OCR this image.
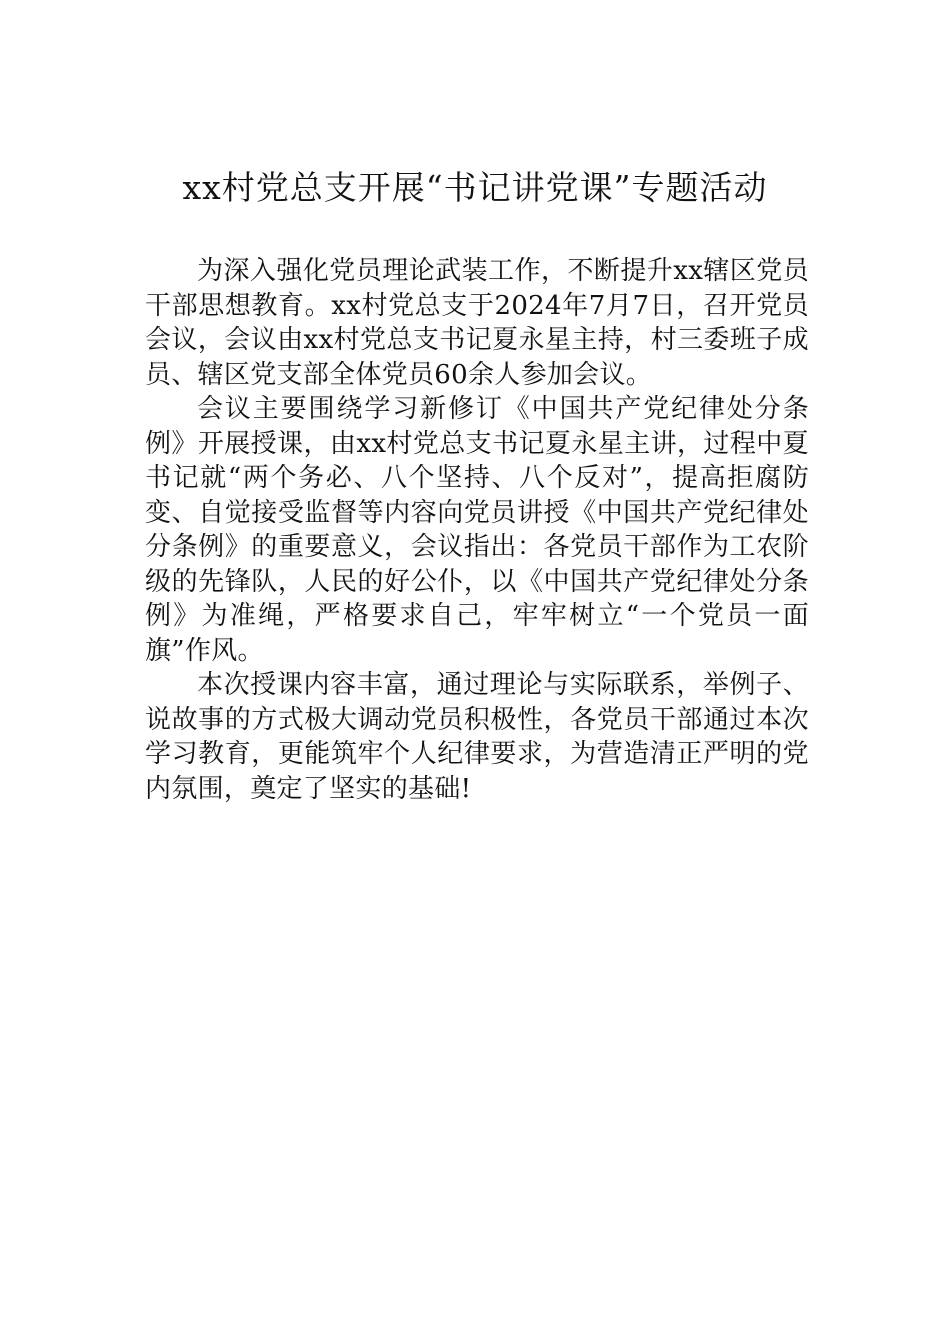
xx村党总支开展“书记讲党课”专题活动

为深入强化党员理论武装工作，不断提升xx辖区党员干部思想教育。xx村党总支于2024年7月7日，召开党员会议，会议由xx村党总支书记夏永星主持，村三委班子成员、辖区党支部全体党员60余人参加会议。

会议主要围绕学习新修订《中国共产党纪律处分条例》开展授课，由xx村党总支书记夏永星主讲，过程中夏书记就“两个务必、八个坚持、八个反对”，提高拒腐防变、自觉接受监督等内容向党员讲授《中国共产党纪律处分条例》的重要意义，会议指出：各党员干部作为工农阶级的先锋队，人民的好公仆，以《中国共产党纪律处分条例》为准绳，严格要求自己，牢牢树立“一个党员一面旗”作风。

本次授课内容丰富，通过理论与实际联系，举例子、说故事的方式极大调动党员积极性，各党员干部通过本次学习教育，更能筑牢个人纪律要求，为营造清正严明的党内氛围，奠定了坚实的基础!
